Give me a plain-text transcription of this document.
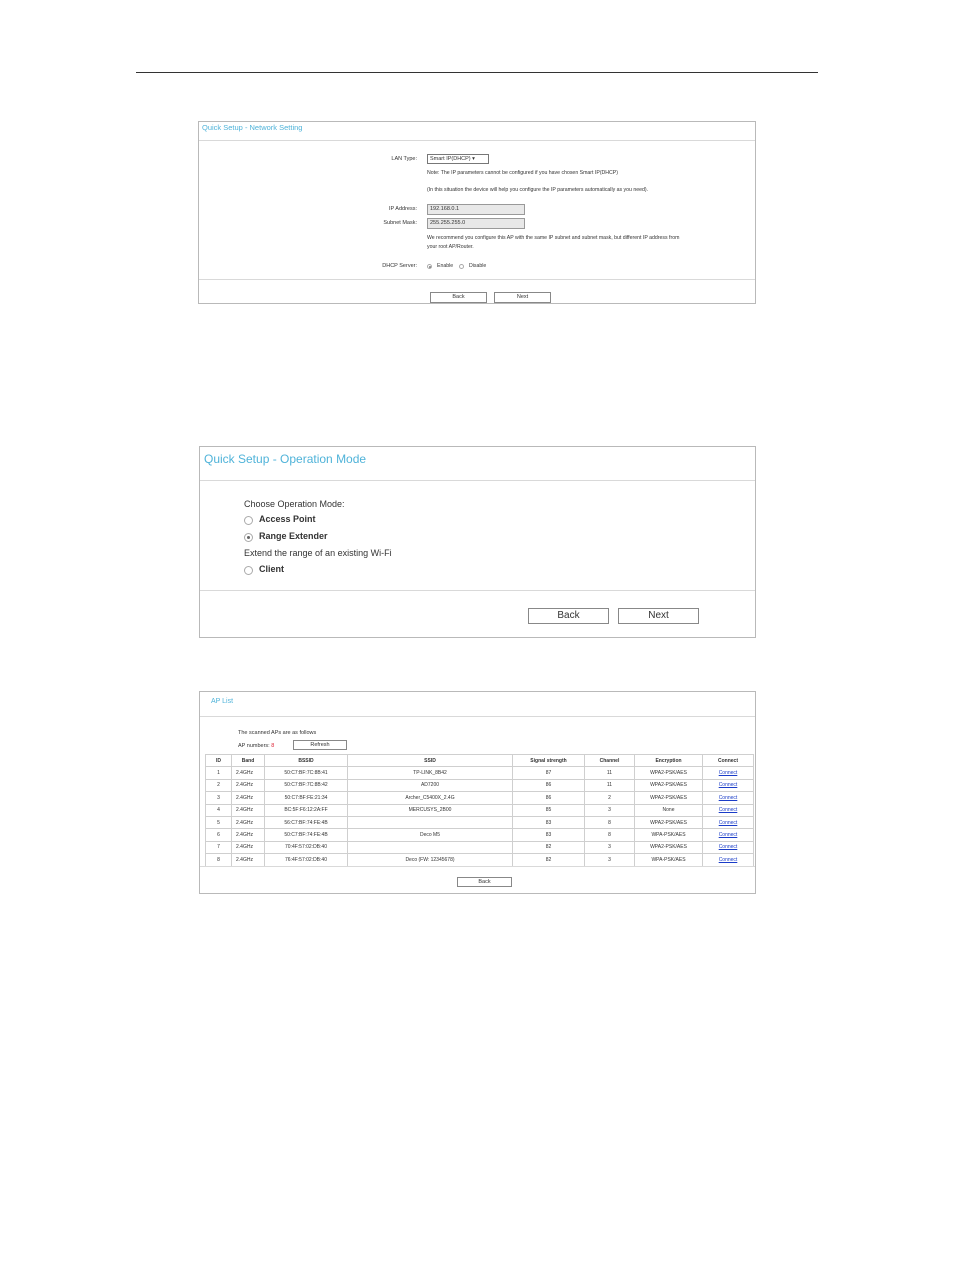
Quick Setup - Network Setting
LAN Type:	Smart IP(DHCP) ▾
Note: The IP parameters cannot be configured if you have chosen Smart IP(DHCP)
(In this situation the device will help you configure the IP parameters automatically as you need).
IP Address:	192.168.0.1
Subnet Mask:	255.255.255.0
We recommend you configure this AP with the same IP subnet and subnet mask, but different IP address from
your root AP/Router.
DHCP Server:	Enable	Disable
Back	Next
Quick Setup - Operation Mode
Choose Operation Mode:
Access Point
Range Extender
Extend the range of an existing Wi-Fi
Client
Back	Next
AP List
The scanned APs are as follows
AP numbers: 8	Refresh
ID	Band	BSSID	SSID	Signal strength	Channel	Encryption	Connect
1	2.4GHz	50:C7:BF:7C:8B:41	TP-LINK_8B42	87	11	WPA2-PSK/AES	Connect
2	2.4GHz	50:C7:BF:7C:8B:42	AD7200	86	11	WPA2-PSK/AES	Connect
3	2.4GHz	50:C7:BF:FE:21:34	Archer_C5400X_2.4G	86	2	WPA2-PSK/AES	Connect
4	2.4GHz	BC:5F:F6:12:2A:FF	MERCUSYS_2B00	85	3	None	Connect
5	2.4GHz	56:C7:BF:74:FE:4B		83	8	WPA2-PSK/AES	Connect
6	2.4GHz	50:C7:BF:74:FE:4B	Deco M5	83	8	WPA-PSK/AES	Connect
7	2.4GHz	70:4F:57:02:DB:40		82	3	WPA2-PSK/AES	Connect
8	2.4GHz	76:4F:57:02:DB:40	Deco (FW: 12345678)	82	3	WPA-PSK/AES	Connect
Back
